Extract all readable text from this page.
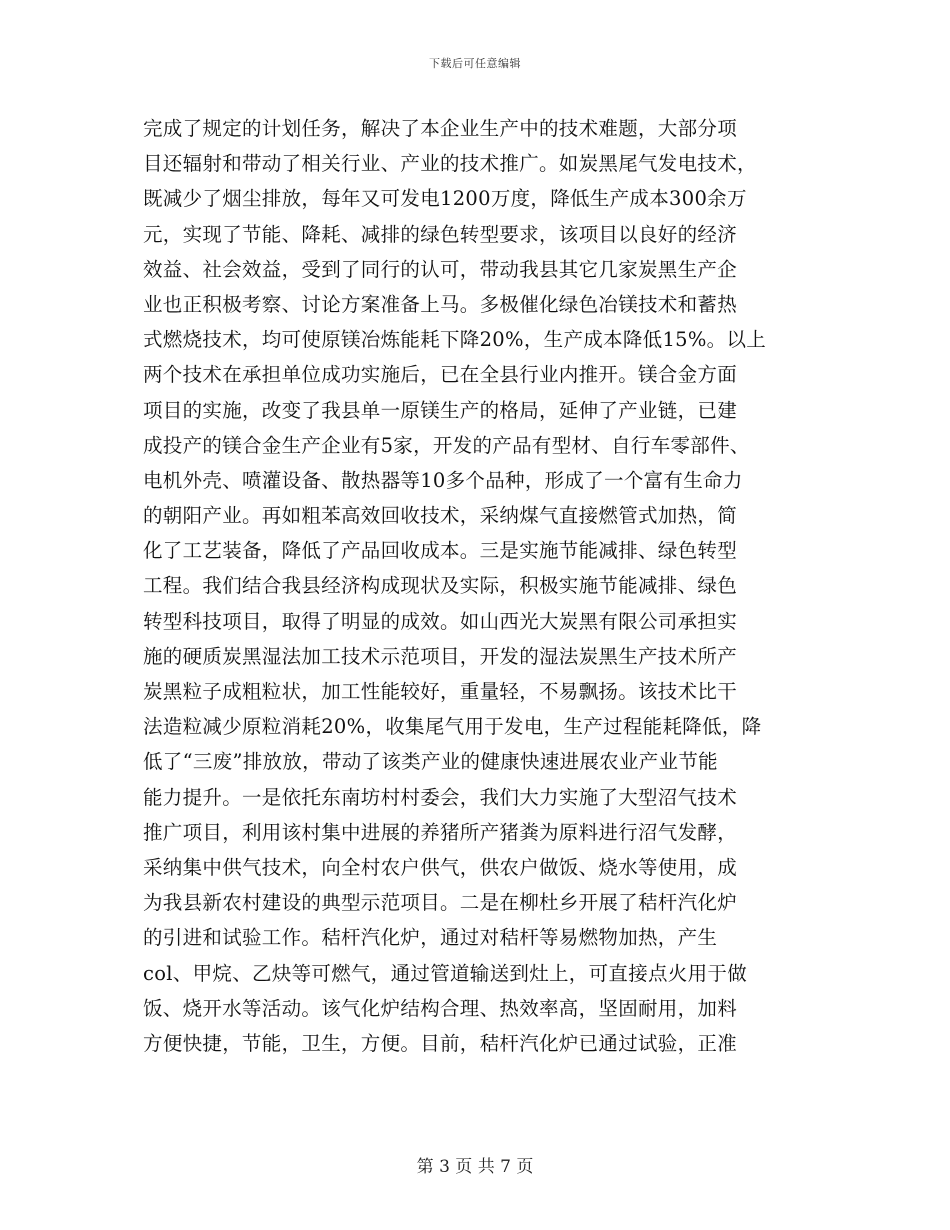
下载后可任意编辑
完成了规定的计划任务，解决了本企业生产中的技术难题，大部分项
目还辐射和带动了相关行业、产业的技术推广。如炭黑尾气发电技术，
既减少了烟尘排放，每年又可发电1200万度，降低生产成本300余万
元，实现了节能、降耗、减排的绿色转型要求，该项目以良好的经济
效益、社会效益，受到了同行的认可，带动我县其它几家炭黑生产企
业也正积极考察、讨论方案准备上马。多极催化绿色冶镁技术和蓄热
式燃烧技术，均可使原镁冶炼能耗下降20%，生产成本降低15%。以上
两个技术在承担单位成功实施后，已在全县行业内推开。镁合金方面
项目的实施，改变了我县单一原镁生产的格局，延伸了产业链，已建
成投产的镁合金生产企业有5家，开发的产品有型材、自行车零部件、
电机外壳、喷灌设备、散热器等10多个品种，形成了一个富有生命力
的朝阳产业。再如粗苯高效回收技术，采纳煤气直接燃管式加热，简
化了工艺装备，降低了产品回收成本。三是实施节能减排、绿色转型
工程。我们结合我县经济构成现状及实际，积极实施节能减排、绿色
转型科技项目，取得了明显的成效。如山西光大炭黑有限公司承担实
施的硬质炭黑湿法加工技术示范项目，开发的湿法炭黑生产技术所产
炭黑粒子成粗粒状，加工性能较好，重量轻，不易飘扬。该技术比干
法造粒减少原粒消耗20%，收集尾气用于发电，生产过程能耗降低，降
低了“三废”排放放，带动了该类产业的健康快速进展农业产业节能
能力提升。一是依托东南坊村村委会，我们大力实施了大型沼气技术
推广项目，利用该村集中进展的养猪所产猪粪为原料进行沼气发酵，
采纳集中供气技术，向全村农户供气，供农户做饭、烧水等使用，成
为我县新农村建设的典型示范项目。二是在柳杜乡开展了秸杆汽化炉
的引进和试验工作。秸杆汽化炉，通过对秸杆等易燃物加热，产生
col、甲烷、乙炔等可燃气，通过管道输送到灶上，可直接点火用于做
饭、烧开水等活动。该气化炉结构合理、热效率高，坚固耐用，加料
方便快捷，节能，卫生，方便。目前，秸杆汽化炉已通过试验，正准
第 3 页 共 7 页
